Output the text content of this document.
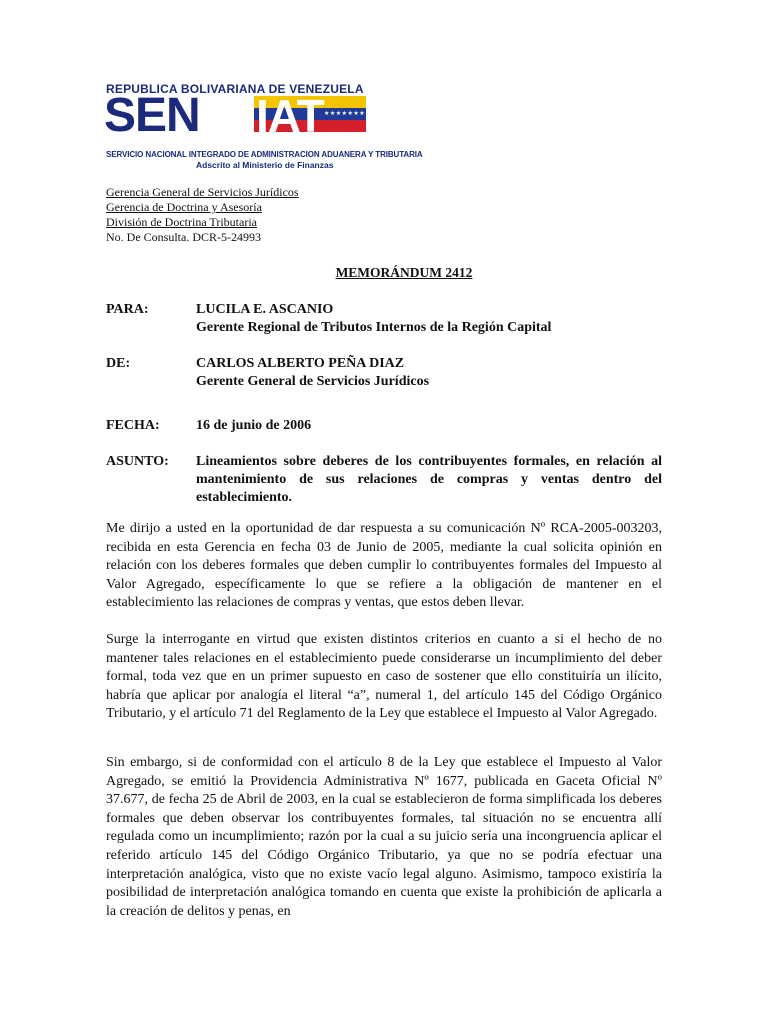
REPUBLICA BOLIVARIANA DE VENEZUELA
SEN	★★★★★★★★
IAT
SERVICIO NACIONAL INTEGRADO DE ADMINISTRACION ADUANERA Y TRIBUTARIA
Adscrito al Ministerio de Finanzas
Gerencia General de Servicios Jurídicos
Gerencia de Doctrina y Asesoría
División de Doctrina Tributaria
No. De Consulta. DCR-5-24993
MEMORÁNDUM 2412
PARA:	LUCILA E. ASCANIO
Gerente Regional de Tributos Internos de la Región Capital
DE:	CARLOS ALBERTO PEÑA DIAZ
Gerente General de Servicios Jurídicos
FECHA:	16 de junio de 2006
ASUNTO: Lineamientos sobre deberes de los contribuyentes formales, en relación al mantenimiento de sus relaciones de compras y ventas dentro del establecimiento.

Me dirijo a usted en la oportunidad de dar respuesta a su comunicación Nº RCA-2005-003203, recibida en esta Gerencia en fecha 03 de Junio de 2005, mediante la cual solicita opinión en relación con los deberes formales que deben cumplir lo contribuyentes formales del Impuesto al Valor Agregado, específicamente lo que se refiere a la obligación de mantener en el establecimiento las relaciones de compras y ventas, que estos deben llevar.

Surge la interrogante en virtud que existen distintos criterios en cuanto a si el hecho de no mantener tales relaciones en el establecimiento puede considerarse un incumplimiento del deber formal, toda vez que en un primer supuesto en caso de sostener que ello constituiría un ilícito, habría que aplicar por analogía el literal “a”, numeral 1, del artículo 145 del Código Orgánico Tributario, y el artículo 71 del Reglamento de la Ley que establece el Impuesto al Valor Agregado.

Sin embargo, si de conformidad con el artículo 8 de la Ley que establece el Impuesto al Valor Agregado, se emitió la Providencia Administrativa Nº 1677, publicada en Gaceta Oficial Nº 37.677, de fecha 25 de Abril de 2003, en la cual se establecieron de forma simplificada los deberes formales que deben observar los contribuyentes formales, tal situación no se encuentra allí regulada como un incumplimiento; razón por la cual a su juicio sería una incongruencia aplicar el referido artículo 145 del Código Orgánico Tributario, ya que no se podría efectuar una interpretación analógica, visto que no existe vacío legal alguno. Asimismo, tampoco existiría la posibilidad de interpretación analógica tomando en cuenta que existe la prohibición de aplicarla a la creación de delitos y penas, en
